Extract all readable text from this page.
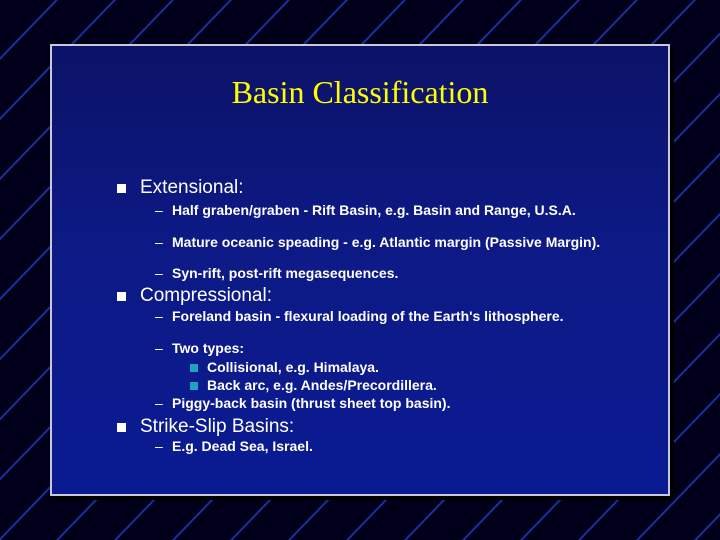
Basin Classification
Extensional:
– Half graben/graben - Rift Basin, e.g. Basin and Range, U.S.A.
– Mature oceanic speading - e.g. Atlantic margin (Passive Margin).
– Syn-rift, post-rift megasequences.
Compressional:
– Foreland basin - flexural loading of the Earth's lithosphere.
– Two types:
Collisional, e.g. Himalaya.
Back arc, e.g. Andes/Precordillera.
– Piggy-back basin (thrust sheet top basin).
Strike-Slip Basins:
– E.g. Dead Sea, Israel.
